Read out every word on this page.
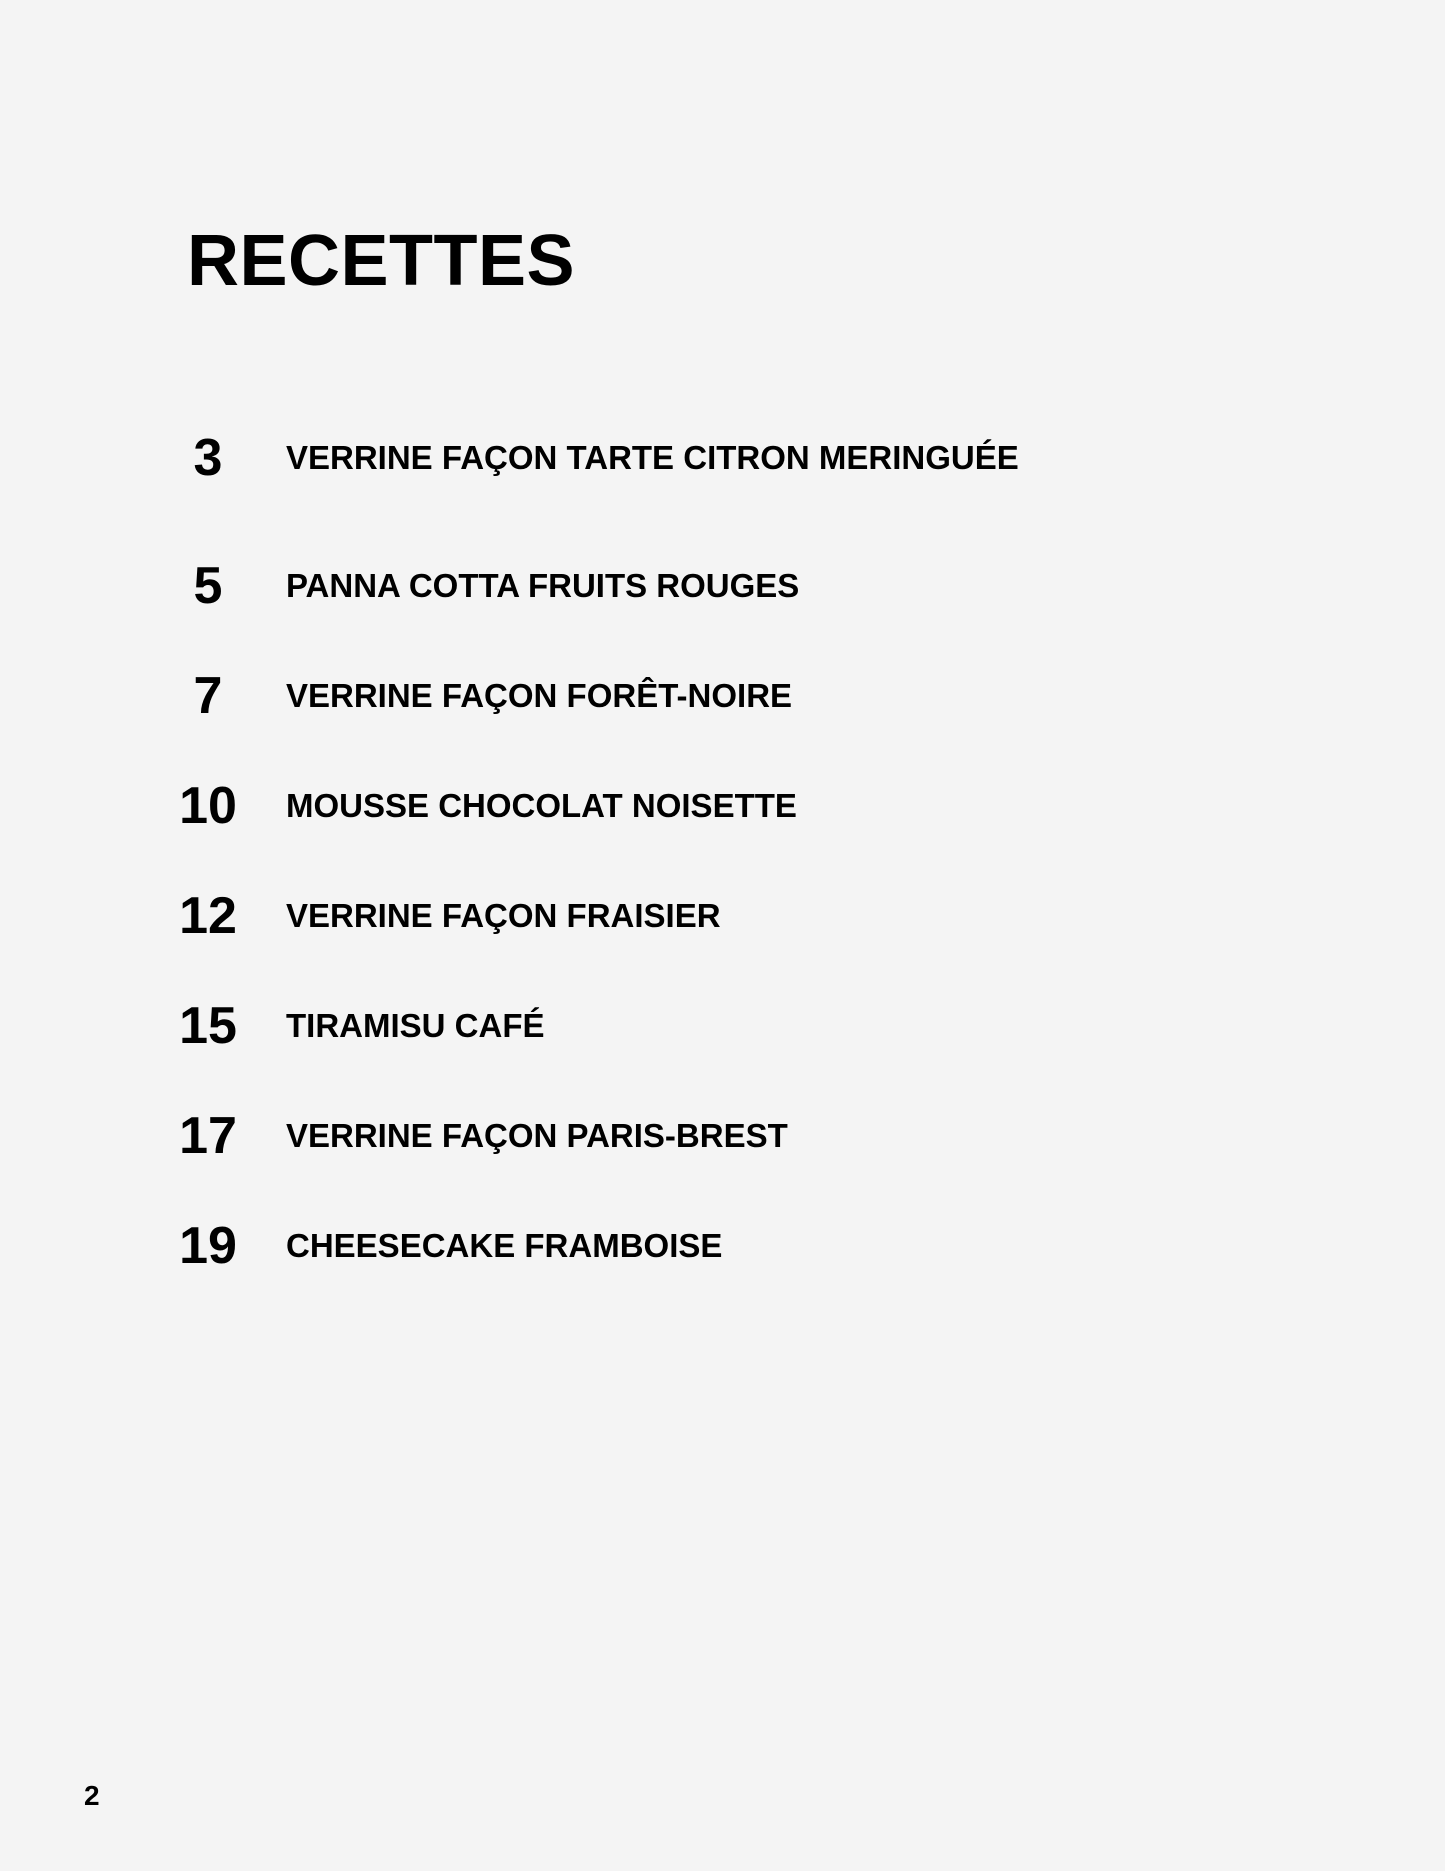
RECETTES
3	VERRINE FAÇON TARTE CITRON MERINGUÉE
5	PANNA COTTA FRUITS ROUGES
7	VERRINE FAÇON FORÊT-NOIRE
10	MOUSSE CHOCOLAT NOISETTE
12	VERRINE FAÇON FRAISIER
15	TIRAMISU CAFÉ
17	VERRINE FAÇON PARIS-BREST
19	CHEESECAKE FRAMBOISE
2
